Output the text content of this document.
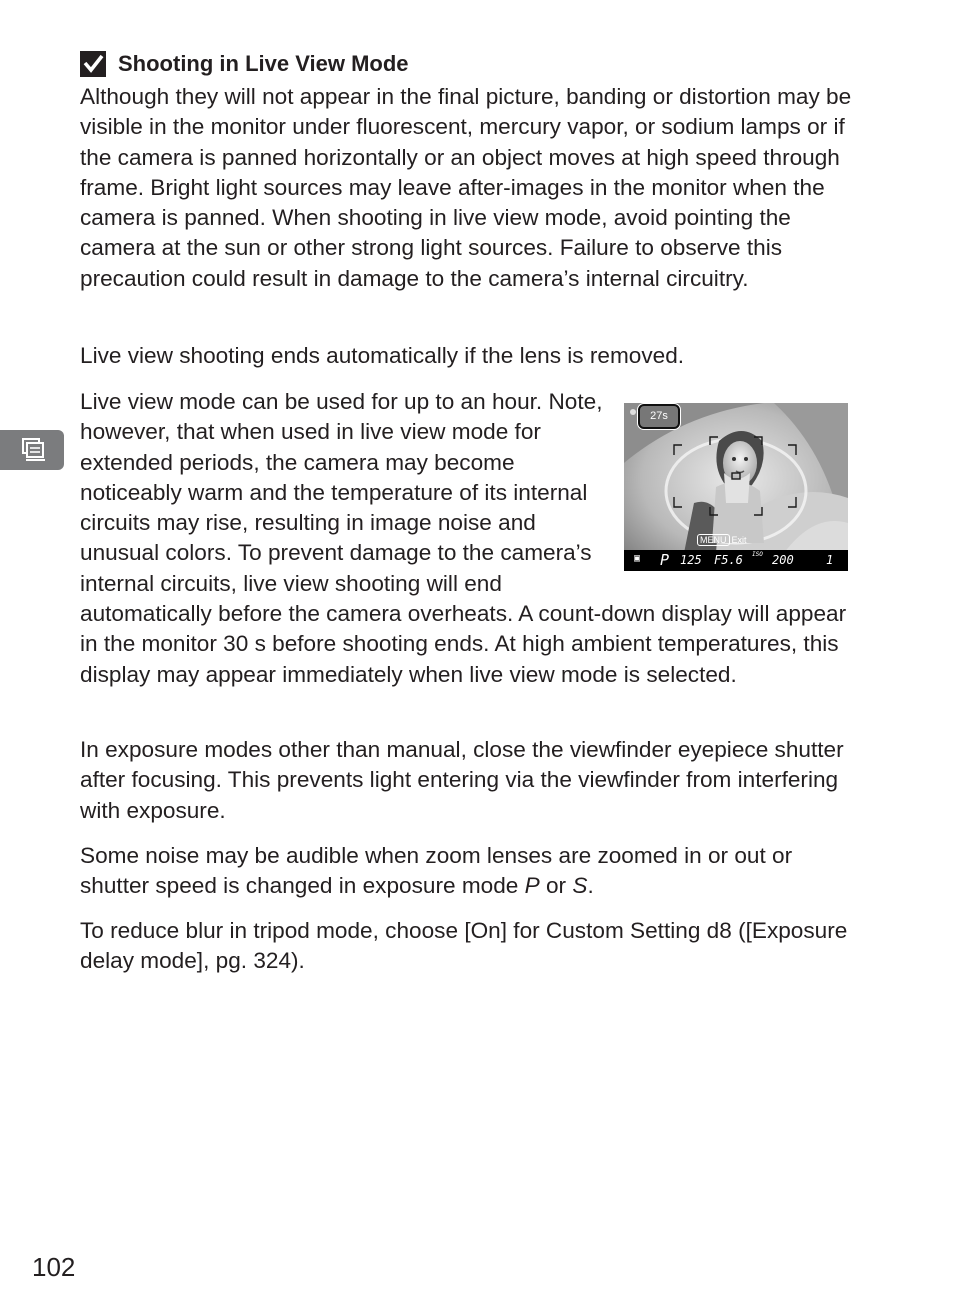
Shooting in Live View Mode

Although they will not appear in the final picture, banding or distortion may be visible in the monitor under fluorescent, mercury vapor, or sodium lamps or if the camera is panned horizontally or an object moves at high speed through frame. Bright light sources may leave after-images in the monitor when the camera is panned. When shooting in live view mode, avoid pointing the camera at the sun or other strong light sources. Failure to observe this precaution could result in damage to the camera’s internal circuitry.

Live view shooting ends automatically if the lens is removed.

Live view mode can be used for up to an hour. Note, however, that when used in live view mode for extended periods, the camera may become noticeably warm and the temperature of its internal circuits may rise, resulting in image noise and unusual colors. To prevent damage to the camera’s internal circuits, live view shooting will end automatically before the camera overheats. A count-down display will appear in the monitor 30 s before shooting ends. At high ambient temperatures, this display may appear immediately when live view mode is selected.

In exposure modes other than manual, close the viewfinder eyepiece shutter after focusing. This prevents light entering via the viewfinder from interfering with exposure.

Some noise may be audible when zoom lenses are zoomed in or out or shutter speed is changed in exposure mode P or S.

To reduce blur in tripod mode, choose [On] for Custom Setting d8 ([Exposure delay mode], pg. 324).

27s
MENU Exit
▣ P 125 F5.6 ISO 200	1
102
